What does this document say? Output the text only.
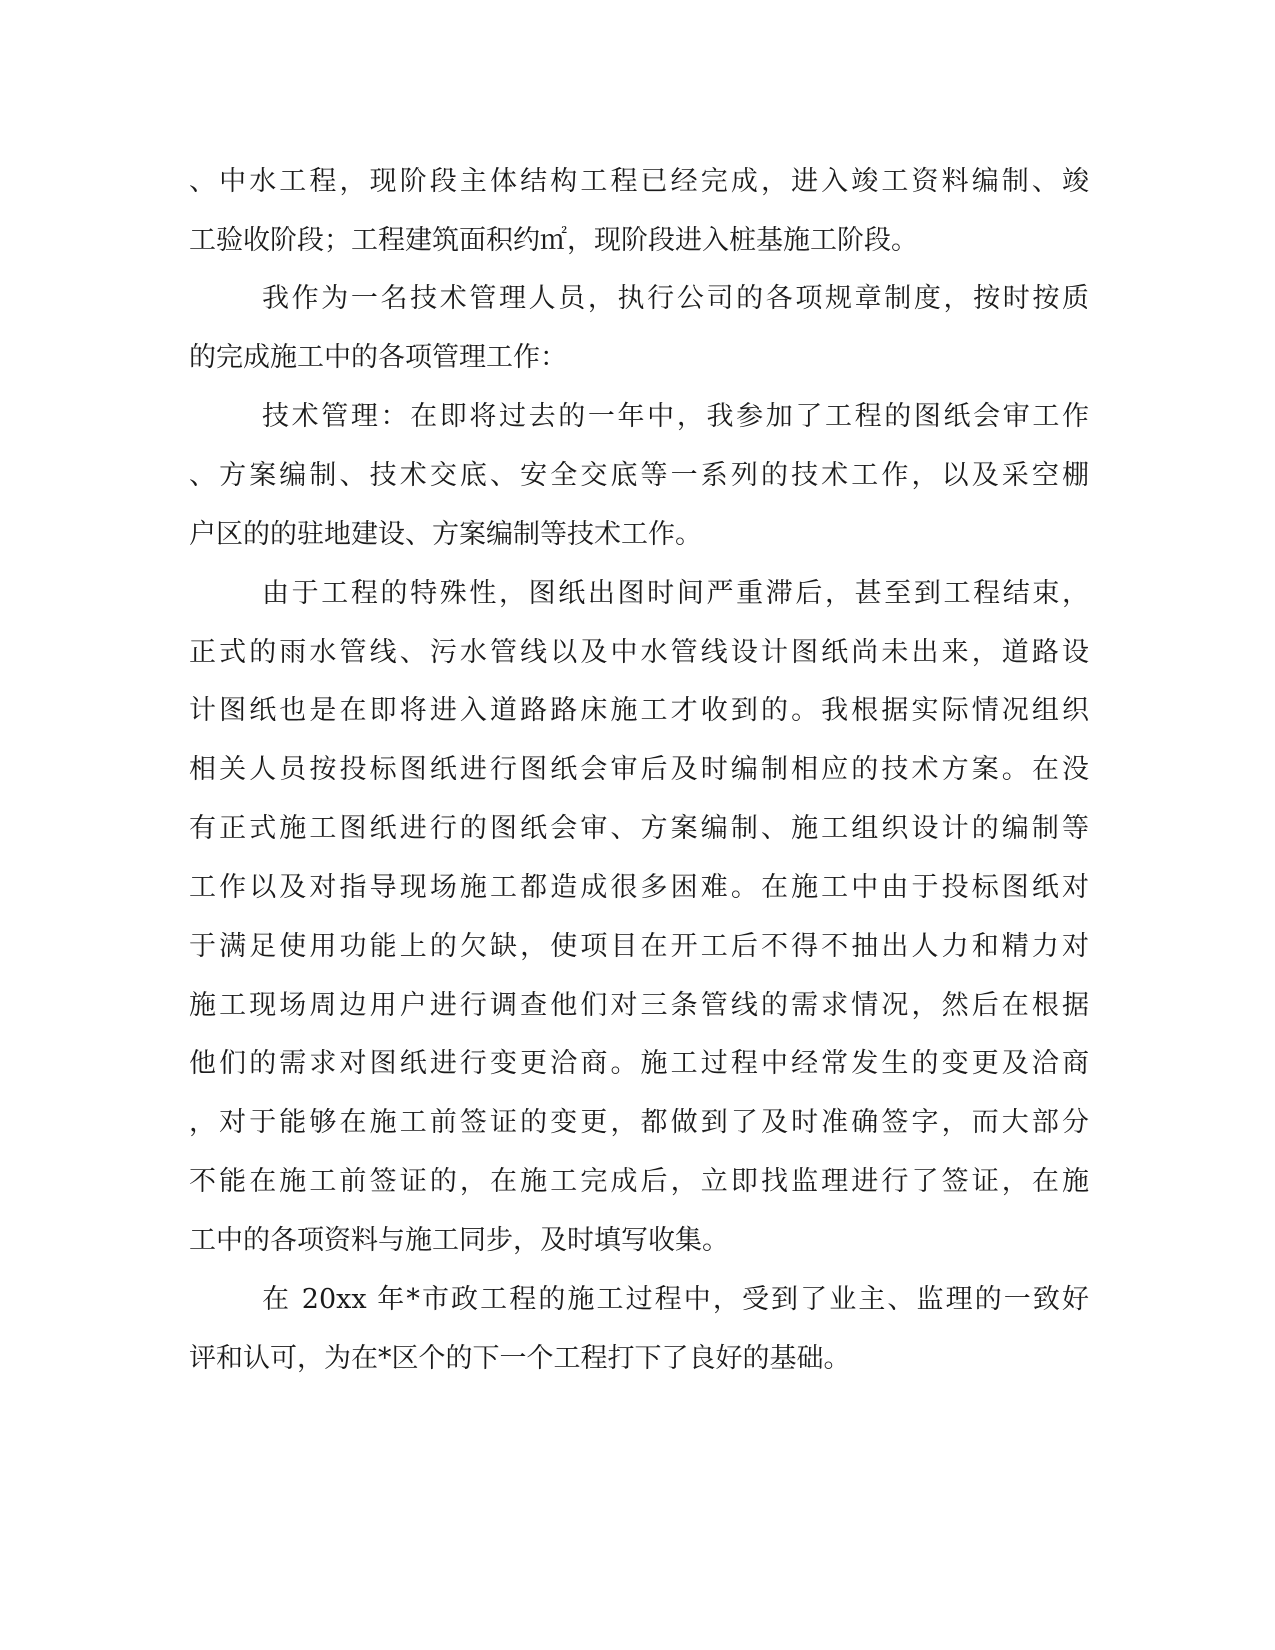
、中水工程，现阶段主体结构工程已经完成，进入竣工资料编制、竣
工验收阶段；工程建筑面积约㎡，现阶段进入桩基施工阶段。
我作为一名技术管理人员，执行公司的各项规章制度，按时按质
的完成施工中的各项管理工作：
技术管理：在即将过去的一年中，我参加了工程的图纸会审工作
、方案编制、技术交底、安全交底等一系列的技术工作，以及采空棚
户区的的驻地建设、方案编制等技术工作。
由于工程的特殊性，图纸出图时间严重滞后，甚至到工程结束，
正式的雨水管线、污水管线以及中水管线设计图纸尚未出来，道路设
计图纸也是在即将进入道路路床施工才收到的。我根据实际情况组织
相关人员按投标图纸进行图纸会审后及时编制相应的技术方案。在没
有正式施工图纸进行的图纸会审、方案编制、施工组织设计的编制等
工作以及对指导现场施工都造成很多困难。在施工中由于投标图纸对
于满足使用功能上的欠缺，使项目在开工后不得不抽出人力和精力对
施工现场周边用户进行调查他们对三条管线的需求情况，然后在根据
他们的需求对图纸进行变更洽商。施工过程中经常发生的变更及洽商
，对于能够在施工前签证的变更，都做到了及时准确签字，而大部分
不能在施工前签证的，在施工完成后，立即找监理进行了签证，在施
工中的各项资料与施工同步，及时填写收集。
在 20xx 年*市政工程的施工过程中，受到了业主、监理的一致好
评和认可，为在*区个的下一个工程打下了良好的基础。
